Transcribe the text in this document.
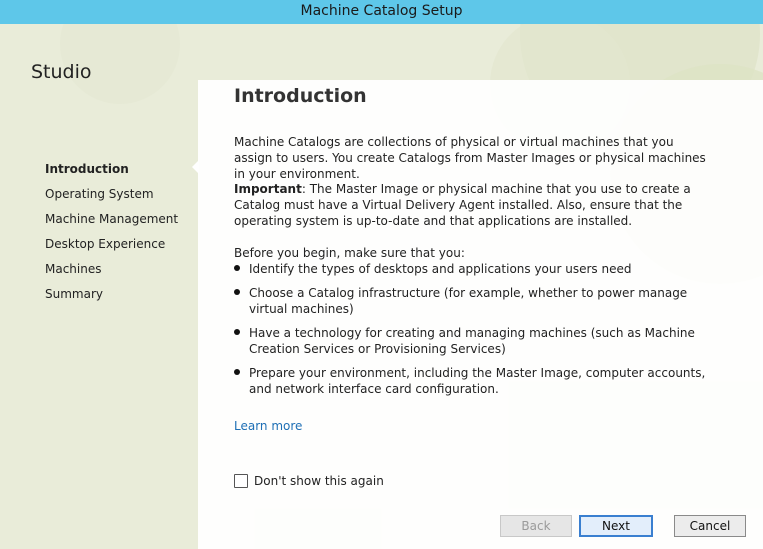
Machine Catalog Setup
Studio
Introduction
Operating System
Machine Management
Desktop Experience
Machines
Summary
Introduction

Machine Catalogs are collections of physical or virtual machines that you assign to users. You create Catalogs from Master Images or physical machines in your environment.

Important: The Master Image or physical machine that you use to create a Catalog must have a Virtual Delivery Agent installed. Also, ensure that the operating system is up-to-date and that applications are installed.

Before you begin, make sure that you:

Identify the types of desktops and applications your users need
Choose a Catalog infrastructure (for example, whether to power manage virtual machines)
Have a technology for creating and managing machines (such as Machine Creation Services or Provisioning Services)
Prepare your environment, including the Master Image, computer accounts, and network interface card configuration.
Learn more
Don't show this again
Back	Next	Cancel
